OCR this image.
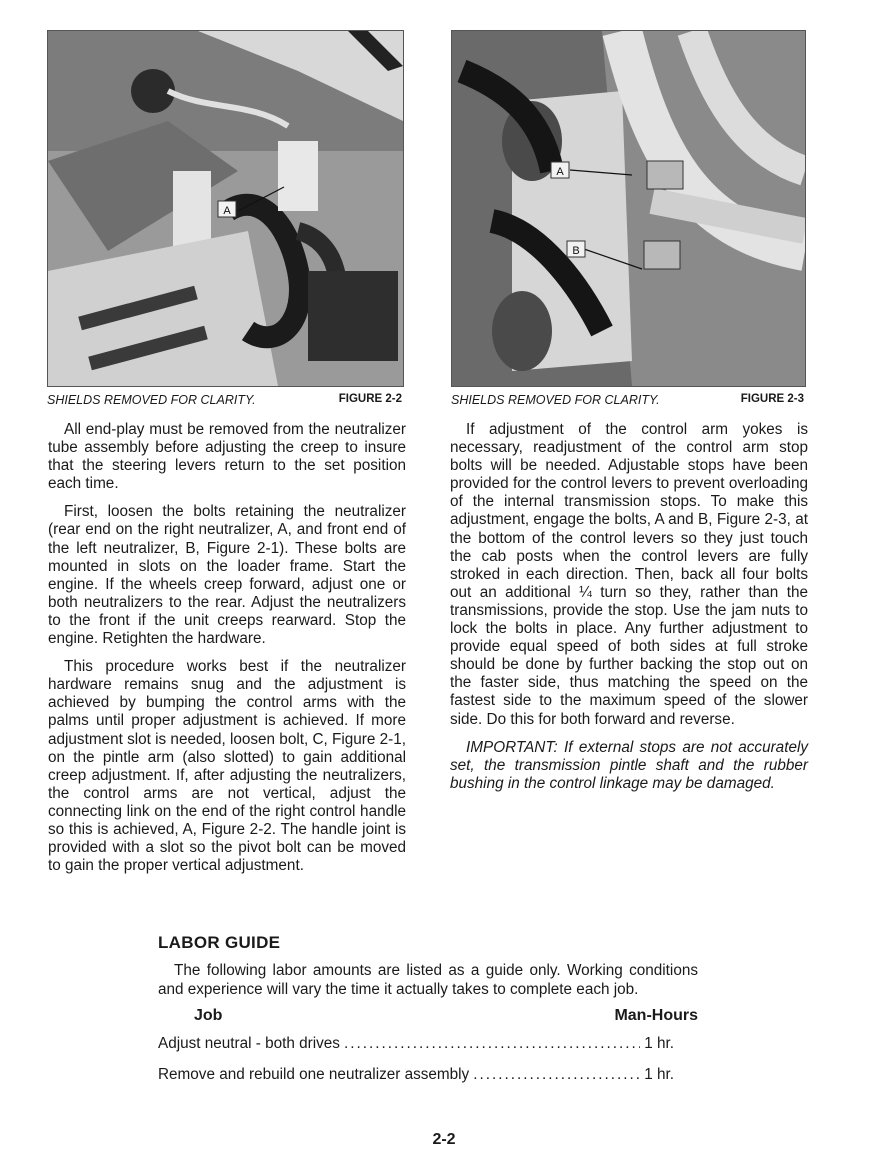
A
SHIELDS REMOVED FOR CLARITY.	FIGURE 2-2
A
B
SHIELDS REMOVED FOR CLARITY.	FIGURE 2-3

All end-play must be removed from the neutralizer tube assembly before adjusting the creep to insure that the steering levers return to the set position each time.

First, loosen the bolts retaining the neutralizer (rear end on the right neutralizer, A, and front end of the left neutralizer, B, Figure 2-1). These bolts are mounted in slots on the loader frame. Start the engine. If the wheels creep forward, adjust one or both neutralizers to the rear. Adjust the neutralizers to the front if the unit creeps rearward. Stop the engine. Retighten the hardware.

This procedure works best if the neutralizer hardware remains snug and the adjustment is achieved by bumping the control arms with the palms until proper adjustment is achieved. If more adjustment slot is needed, loosen bolt, C, Figure 2-1, on the pintle arm (also slotted) to gain additional creep adjustment. If, after adjusting the neutralizers, the control arms are not vertical, adjust the connecting link on the end of the right control handle so this is achieved, A, Figure 2-2. The handle joint is provided with a slot so the pivot bolt can be moved to gain the proper vertical adjustment.

If adjustment of the control arm yokes is necessary, readjustment of the control arm stop bolts will be needed. Adjustable stops have been provided for the control levers to prevent overloading of the internal transmission stops. To make this adjustment, engage the bolts, A and B, Figure 2-3, at the bottom of the control levers so they just touch the cab posts when the control levers are fully stroked in each direction. Then, back all four bolts out an additional ¼ turn so they, rather than the transmissions, provide the stop. Use the jam nuts to lock the bolts in place. Any further adjustment to provide equal speed of both sides at full stroke should be done by further backing the stop out on the faster side, thus matching the speed on the fastest side to the maximum speed of the slower side. Do this for both forward and reverse.

IMPORTANT: If external stops are not accurately set, the transmission pintle shaft and the rubber bushing in the control linkage may be damaged.

LABOR GUIDE

The following labor amounts are listed as a guide only. Working conditions and experience will vary the time it actually takes to complete each job.

Job	Man-Hours
Adjust neutral - both drives .....	1 hr.
Remove and rebuild one neutralizer assembly .....	1 hr.
2-2
